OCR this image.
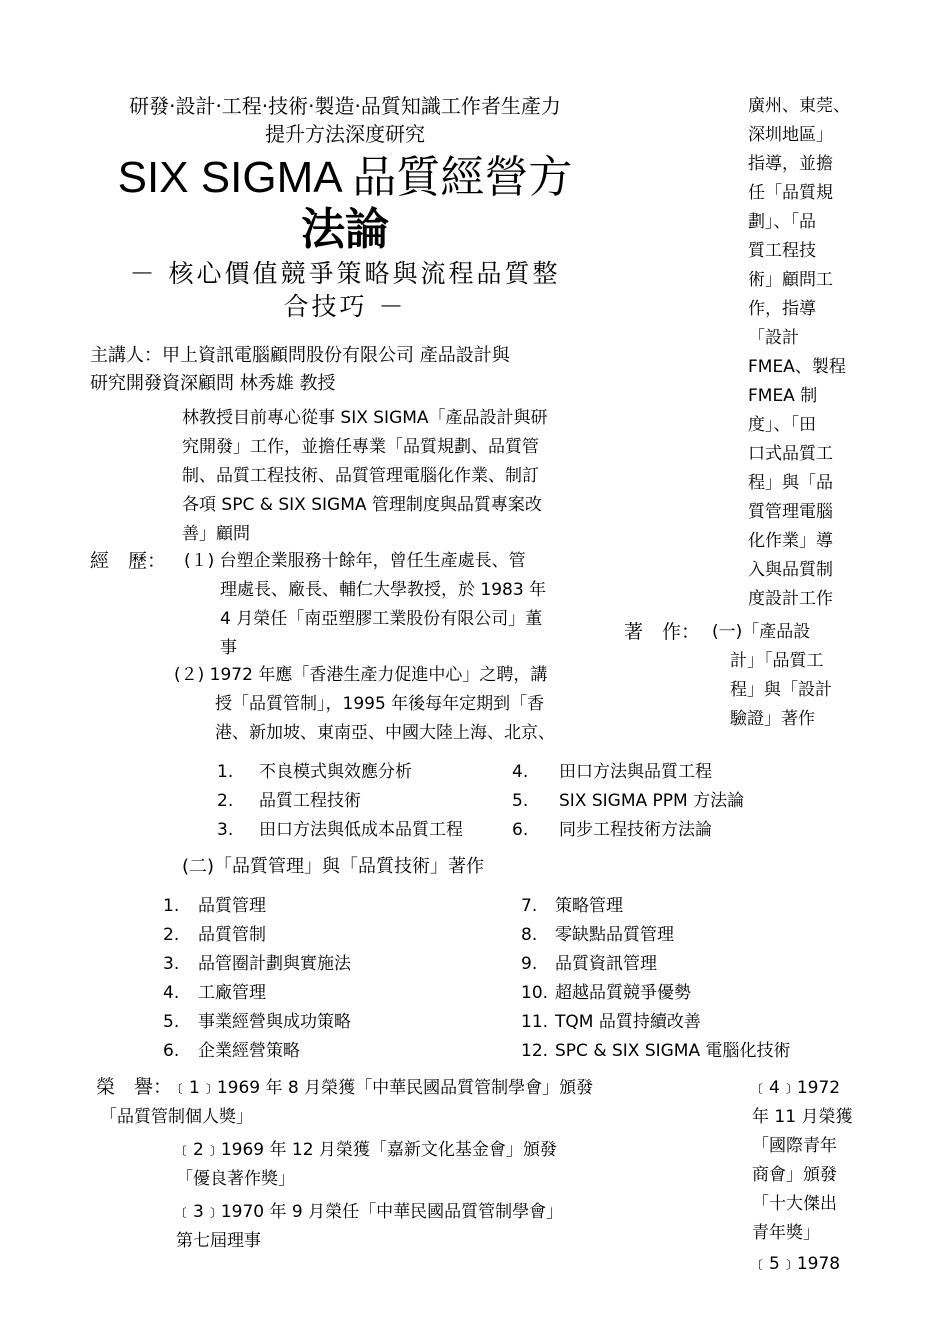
研發‧設計‧工程‧技術‧製造‧品質知識工作者生產力
提升方法深度研究
SIX SIGMA 品質經營方
法論
－ 核心價值競爭策略與流程品質整
合技巧 －
主講人：甲上資訊電腦顧問股份有限公司 產品設計與
研究開發資深顧問 林秀雄 教授
林教授目前專心從事 SIX SIGMA「產品設計與研
究開發」工作，並擔任專業「品質規劃、品質管
制、品質工程技術、品質管理電腦化作業、制訂
各項 SPC & SIX SIGMA 管理制度與品質專案改
善」顧問
經　歷： (１) 台塑企業服務十餘年，曾任生產處長、管
理處長、廠長、輔仁大學教授，於 1983 年
4 月榮任「南亞塑膠工業股份有限公司」董
事
(２) 1972 年應「香港生產力促進中心」之聘，講
授「品質管制」，1995 年後每年定期到「香
港、新加坡、東南亞、中國大陸上海、北京、
廣州、東莞、
深圳地區」
指導，並擔
任「品質規
劃」、「品
質工程技
術」顧問工
作，指導
「設計
FMEA、製程
FMEA 制
度」、「田
口式品質工
程」與「品
質管理電腦
化作業」導
入與品質制
度設計工作
著　作： (一)「產品設
計」「品質工
程」與「設計
驗證」著作
1. 不良模式與效應分析
2. 品質工程技術
3. 田口方法與低成本品質工程
4. 田口方法與品質工程
5. SIX SIGMA PPM 方法論
6. 同步工程技術方法論
(二)「品質管理」與「品質技術」著作
1. 品質管理
2. 品質管制
3. 品管圈計劃與實施法
4. 工廠管理
5. 事業經營與成功策略
6. 企業經營策略
7. 策略管理
8. 零缺點品質管理
9. 品質資訊管理
10. 超越品質競爭優勢
11. TQM 品質持續改善
12. SPC & SIX SIGMA 電腦化技術
榮　譽： ﹝1﹞1969 年 8 月榮獲「中華民國品質管制學會」頒發
「品質管制個人獎」
﹝2﹞1969 年 12 月榮獲「嘉新文化基金會」頒發
「優良著作獎」
﹝3﹞1970 年 9 月榮任「中華民國品質管制學會」
第七屆理事
﹝4﹞1972
年 11 月榮獲
「國際青年
商會」頒發
「十大傑出
青年獎」
﹝5﹞1978
